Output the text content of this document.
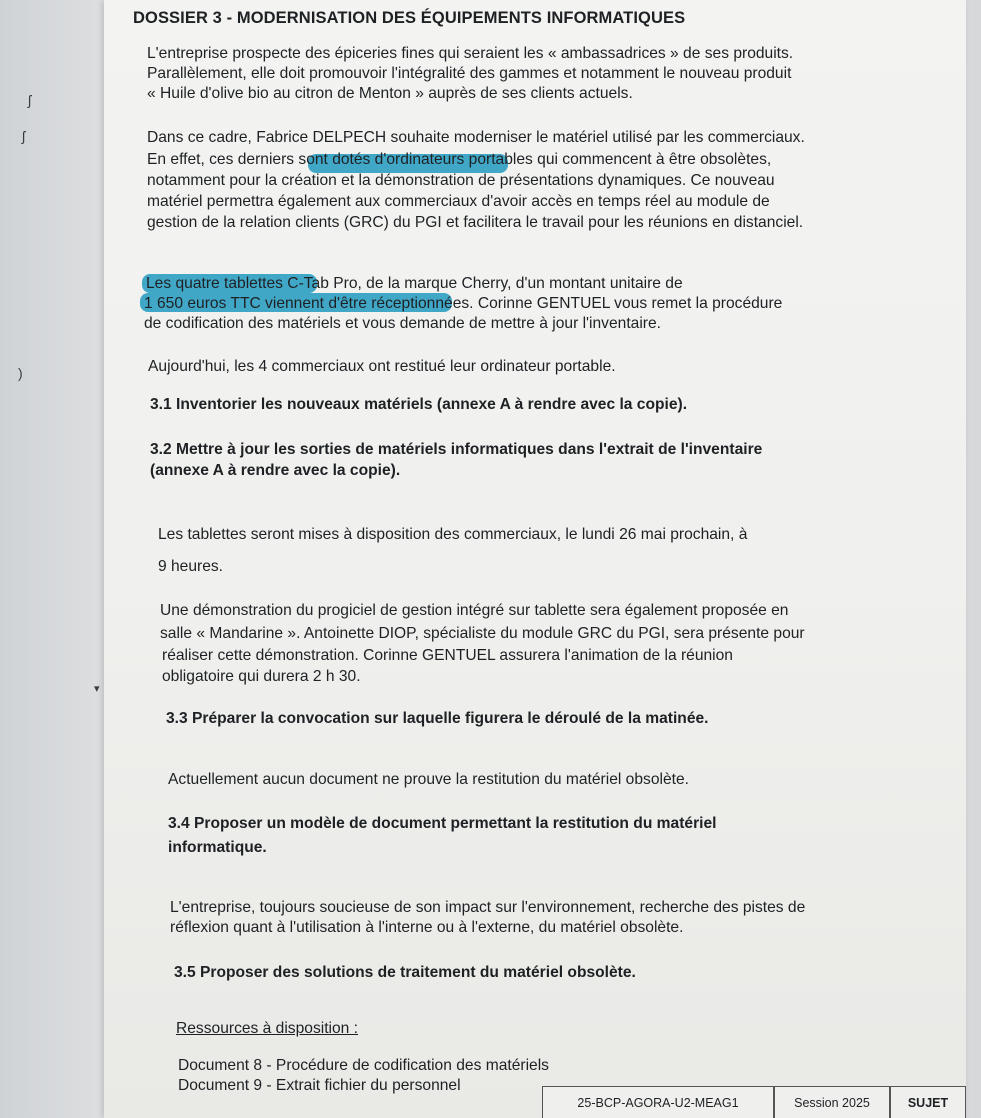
ʃ
ʃ
)
▾

DOSSIER 3 - MODERNISATION DES ÉQUIPEMENTS INFORMATIQUES

L'entreprise prospecte des épiceries fines qui seraient les « ambassadrices » de ses produits.

Parallèlement, elle doit promouvoir l'intégralité des gammes et notamment le nouveau produit

« Huile d'olive bio au citron de Menton » auprès de ses clients actuels.

Dans ce cadre, Fabrice DELPECH souhaite moderniser le matériel utilisé par les commerciaux.

En effet, ces derniers sont dotés d'ordinateurs portables qui commencent à être obsolètes,

notamment pour la création et la démonstration de présentations dynamiques. Ce nouveau

matériel permettra également aux commerciaux d'avoir accès en temps réel au module de

gestion de la relation clients (GRC) du PGI et facilitera le travail pour les réunions en distanciel.

Les quatre tablettes C-Tab Pro, de la marque Cherry, d'un montant unitaire de

1 650 euros TTC viennent d'être réceptionnées. Corinne GENTUEL vous remet la procédure

de codification des matériels et vous demande de mettre à jour l'inventaire.

Aujourd'hui, les 4 commerciaux ont restitué leur ordinateur portable.

3.1 Inventorier les nouveaux matériels (annexe A à rendre avec la copie).

3.2 Mettre à jour les sorties de matériels informatiques dans l'extrait de l'inventaire

(annexe A à rendre avec la copie).

Les tablettes seront mises à disposition des commerciaux, le lundi 26 mai prochain, à

9 heures.

Une démonstration du progiciel de gestion intégré sur tablette sera également proposée en

salle « Mandarine ». Antoinette DIOP, spécialiste du module GRC du PGI, sera présente pour

réaliser cette démonstration. Corinne GENTUEL assurera l'animation de la réunion

obligatoire qui durera 2 h 30.

3.3 Préparer la convocation sur laquelle figurera le déroulé de la matinée.

Actuellement aucun document ne prouve la restitution du matériel obsolète.

3.4 Proposer un modèle de document permettant la restitution du matériel

informatique.

L'entreprise, toujours soucieuse de son impact sur l'environnement, recherche des pistes de

réflexion quant à l'utilisation à l'interne ou à l'externe, du matériel obsolète.

3.5 Proposer des solutions de traitement du matériel obsolète.

Ressources à disposition :

Document 8 - Procédure de codification des matériels

Document 9 - Extrait fichier du personnel

25-BCP-AGORA-U2-MEAG1	Session 2025	SUJET
